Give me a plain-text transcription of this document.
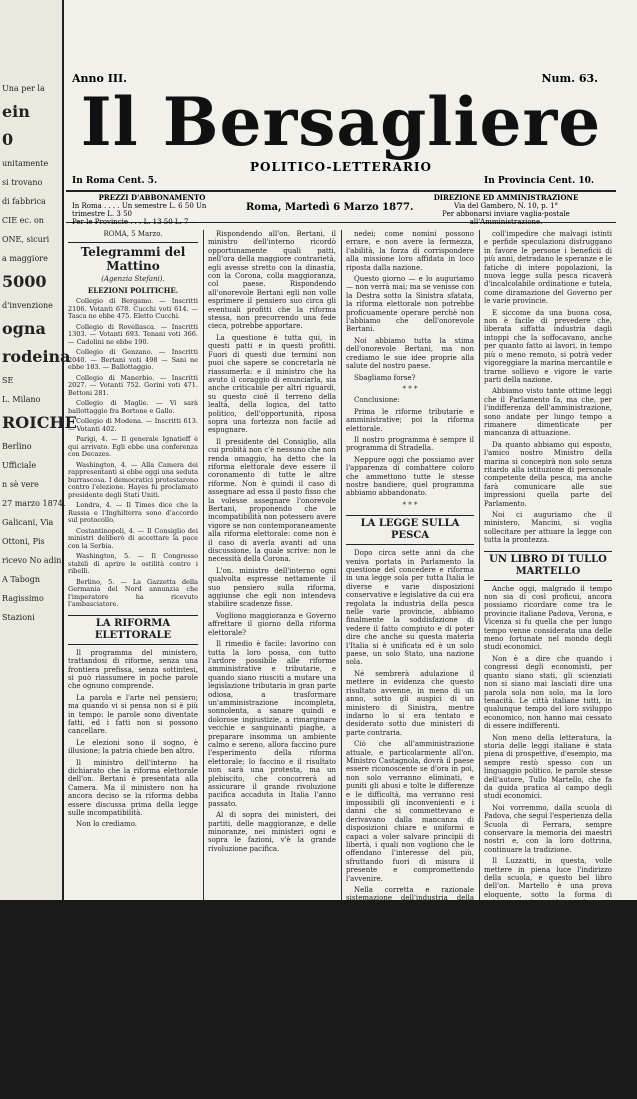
Una per la
ein
0
unitamente
si trovano
di fabbrica
CIE ec. on
ONE, sicuri
a maggiore
5000
d'invenzione
ogna
rodeina
SE
L. Milano
ROICHE
Berlino
Ufficiale
n sè vere
27 marzo 1874.
Galicani, Via
Ottoni, Pis
ricevo No adini
A Tabogn
Ragissimo
Stazioni
Anno III.	Num. 63.
Il Bersagliere
POLITICO-LETTERARIO
In Roma Cent. 5.	In Provincia Cent. 10.
PREZZI D'ABBONAMENTO
In Roma . . . . Un semestre L. 6 50 Un trimestre L. 3 50
Per le Provincie . . . L. 13 50 L. 7 —
Roma, Martedì 6 Marzo 1877.
DIREZIONE ED AMMINISTRAZIONE
Via del Gambero, N. 10, p. 1°
Per abbonarsi inviare vaglia-postale all'Amministrazione.

ROMA, 5 Marzo.

Telegrammi del Mattino

(Agenzia Stefani).

ELEZIONI POLITICHE.

Collegio di Bergamo. — Inscritti 2106. Votanti 678. Cucchi voti 614. — Tasca ne ebbe 475. Eletto Cucchi.

Collegio di Rovellasca. — Inscritti 1303. — Votanti 693. Tenani voti 366. — Cadolini ne ebbe 190.

Collegio di Genzano. — Inscritti 2040. — Bertani voti 498 — Sani ne ebbe 183. — Ballottaggio.

Collegio di Manerbio. — Inscritti 2027. — Votanti 752. Gorini voti 471. Bettoni 281.

Collegio di Maglie. — Vi sarà ballottaggio fra Bortone e Gallo.

Collegio di Modena. — Inscritti 613. — Votanti 402.

Parigi, 4. — Il generale Ignatieff è qui arrivato. Egli ebbe una conferenza con Decazes.

Washington, 4. — Alla Camera dei rappresentanti si ebbe oggi una seduta burrascosa. I democratici protestarono contro l'elezione. Hayes fu proclamato presidente degli Stati Uniti.

Londra, 4. — Il Times dice che la Russia e l'Inghilterra sono d'accordo sul protocollo.

Costantinopoli, 4. — Il Consiglio dei ministri deliberò di accettare la pace con la Serbia.

Washington, 5. — Il Congresso stabilì di aprire le ostilità contro i ribelli.

Berlino, 5. — La Gazzetta della Germania del Nord annunzia che l'imperatore ha ricevuto l'ambasciatore.

LA RIFORMA ELETTORALE

Il programma del ministero, trattandosi di riforme, senza una frontiera prefissa, senza sottintesi, si può riassumere in poche parole che ognuno comprende.

La parola e l'arte nel pensiero; ma quando vi si pensa non si è più in tempo: le parole sono diventate fatti, ed i fatti non si possono cancellare.

Le elezioni sono il sogno, è illusione; la patria chiede ben altro.

Il ministro dell'interno ha dichiarato che la riforma elettorale dell'on. Bertani è presentata alla Camera. Ma il ministero non ha ancora deciso se la riforma debba essere discussa prima della legge sulle incompatibilità.

Non lo crediamo.

Rispondendo all'on. Bertani, il ministro dell'interno ricordò opportunamente quali patti, nell'ora della maggiore contrarietà, egli avesse stretto con la dinastia, con la Corona, colla maggioranza, col paese. Rispondendo all'onorevole Bertani egli non volle esprimere il pensiero suo circa gli eventuali profitti che la riforma stessa, non precorrendo una fede cieca, potrebbe apportare.

La questione è tutta qui, in questi patti e in questi profitti. Fuori di questi due termini non puoi che sapere se concretarla nè riassumerla: e il ministro che ha avuto il coraggio di enunciarla, sia anche criticabile per altri riguardi, su questo cioè il terreno della lealtà, della logica, del tatto politico, dell'opportunità, riposa sopra una fortezza non facile ad espugnare.

Il presidente del Consiglio, alla cui probità non c'è nessuno che non renda omaggio, ha detto che la riforma elettorale deve essere il coronamento di tutte le altre riforme. Non è quindi il caso di assegnare ad essa il posto fisso che la volesse assegnare l'onorevole Bertani, proponendo che le incompatibilità non potessero avere vigore se non contemporaneamente alla riforma elettorale: come non è il caso di averla avanti ad una discussione, la quale scrive: non le necessità della Corona.

L'on. ministro dell'interno ogni qualvolta espresse nettamente il suo pensiero sulla riforma, aggiunse che egli non intendeva stabilire scadenze fisse.

Vogliono maggioranza e Governo affrettare il giorno della riforma elettorale?

Il rimedio è facile: lavorino con tutta la loro possa, con tutto l'ardore possibile alle riforme amministrative e tributarie, e quando siano riusciti a mutare una legislazione tributaria in gran parte odiosa, a trasformare un'amministrazione incompleta, sonnolenta, a sanare quindi e dolorose ingiustizie, a rimarginare vecchie e sanguinanti piaghe, a preparare insomma un ambiente calmo e sereno, allora faccino pure l'esperimento della riforma elettorale; lo faccino e il risultato non sarà una protesta, ma un plebiscito, che concorrerà ad assicurare il grande rivoluzione pacifica accaduta in Italia l'anno passato.

Al di sopra dei ministeri, dei partiti, delle maggioranze, e delle minoranze, nei ministeri ogni e sopra le fazioni, v'è la grande rivoluzione pacifica.

nedei; come nomini possono errare, e non avere la fermezza, l'abilità, la forza di corrispondere alla missione loro affidata in loco riposta dalla nazione.

Questo giorno — e lo auguriamo — non verrà mai; ma se venisse con la Destra sotto la Sinistra sfatata, la riforma elettorale non potrebbe proficuamente operare perchè non l'abbiamo che dell'onorevole Bertani.

Noi abbiamo tutta la stima dell'onorevole Bertani, ma non crediamo le sue idee proprie alla salute del nostro paese.

Sbagliamo forse?

* * *

Conclusione:

Prima le riforme tributarie e amministrative; poi la riforma elettorale.

Il nostro programma è sempre il programma di Stradella.

Neppure oggi che possiamo aver l'apparenza di combattere coloro che ammettono tutte le stesse nostre bandiere, quel programma abbiamo abbandonato.

* * *

LA LEGGE SULLA PESCA

Dopo circa sette anni da che veniva portata in Parlamento la questione del concedere e riforma in una legge sola per tutta Italia le diverse e varie disposizioni conservative e legislative da cui era regolata la industria della pesca nelle varie provincie, abbiamo finalmente la soddisfazione di vedere il fatto compiuto e di poter dire che anche su questa materia l'Italia si è unificata ed è un solo paese, un solo Stato, una nazione sola.

Né sembrerà adulazione il mettere in evidenza che questo risultato avvenne, in meno di un anno, sotto gli auspici di un ministero di Sinistra, mentre indarno lo si era tentato e desiderato sotto due ministeri di parte contraria.

Ciò che all'amministrazione attuale, e particolarmente all'on. Ministro Castagnola, dovrà il paese essere riconoscente se d'ora in poi, non solo verranno eliminati, e puniti gli abusi e tolte le differenze e le difficoltà, ma verranno resi impossibili gli inconvenienti e i danni che si commettevano e derivavano dalla mancanza di disposizioni chiare e uniformi e capaci a voler salvare principii di libertà, i quali non vogliono che le offendano l'interesse del più, sfruttando fuori di misura il presente e compromettendo l'avvenire.

Nella corretta e razionale sistemazione dell'industria della pesca, si comprende una quantità di questioni economiche che poche comprendono e i loro ordinamenti non già un progresso. Basterebbe volgere uno sguardo ad altri paesi, studiarne le statistiche, seguirne i progressi, e il vederne con rammarico quanto l'Italia anche in questa, che pur singolarmente dotata dalla natura, si trovasse degradata, arretrata, quanti tesori andavano perduti, perchè non sapevano conoscere e utilizzare quei beneficii e che le loro acque generosamente ci mettono a disposizione.

Sappiamo anche noi che non basterà la legge di sul portare a quel grado di sviluppo al quale prosperamente e ne desidera la Ma non si tratta di riforma industriale, ma di rendere utile ai diritti e gli obblighi.

coll'impedire che malvagi istinti e perfide speculazioni distruggano in favore le persone i beneficii di più anni, detradano le speranze e le fatiche di intere popolazioni, la nuova legge sulla pesca ricaverà d'incalcolabile ordinatione e tutela, come diramazione del Governo per le varie provincie.

E siccome da una buona cosa, non è facile di prevedere che, liberata siffatta industria dagli intoppi che la soffocavano, anche per quanto fatto ai lavori, in tempo più o meno remoto, si potrà veder vigoreggiare la marina mercantile e trarne sollievo e vigore le varie parti della nazione.

Abbiamo visto tante ottime leggi che il Parlamento fa, ma che, per l'indifferenza dell'amministrazione, sono andate per lungo tempo a rimanere dimenticate per mancanza di attuazione.

Da quanto abbiamo qui esposto, l'amico nostro Ministro della marina si concepirà non solo senza ritardo alla istituzione di personale competente della pesca, ma anche farà comunicare alle sue impressioni quella parte del Parlamento.

Noi ci auguriamo che il ministero, Mancini, si voglia sollecitare per attuare la legge con tutta la prontezza.

UN LIBRO DI TULLO MARTELLO

Anche oggi, malgrado il tempo non sia di così proficui, ancora possiamo ricordare come tra le provincie italiane Padova, Verona, e Vicenza si fu quella che per lungo tempo venne considerata una delle meno fortunate nel mondo degli studi economici.

Non è a dire che quando i congressi degli economisti, per quanto siano stati, gli scienziati non si siano mai lasciati dire una parola sola non solo, ma la loro tenacità. Le città italiane tutti, in qualunque tempo del loro sviluppo economico, non hanno mai cessato di essere indifferenti.

Non meno della letteratura, la storia delle leggi italiane è stata piena di prospettive, d'esempio, ma sempre restò spesso con un linguaggio politico, le parole stesse dell'autore, Tullo Martello, che fa da guida pratica al campo degli studi economici.

Noi vorremmo, dalla scuola di Padova, che seguì l'esperienza della Scuola di Ferrara, sempre conservare la memoria dei maestri nostri e, con la loro dottrina, continuare la tradizione.

Il Luzzatti, in questa, volle mettere in piena luce l'indirizzo della scuola, e questo bel libro dell'on. Martello è una prova eloquente, sotto la forma di un'opera riassuntiva, che ne resterà a lungo memoria.
